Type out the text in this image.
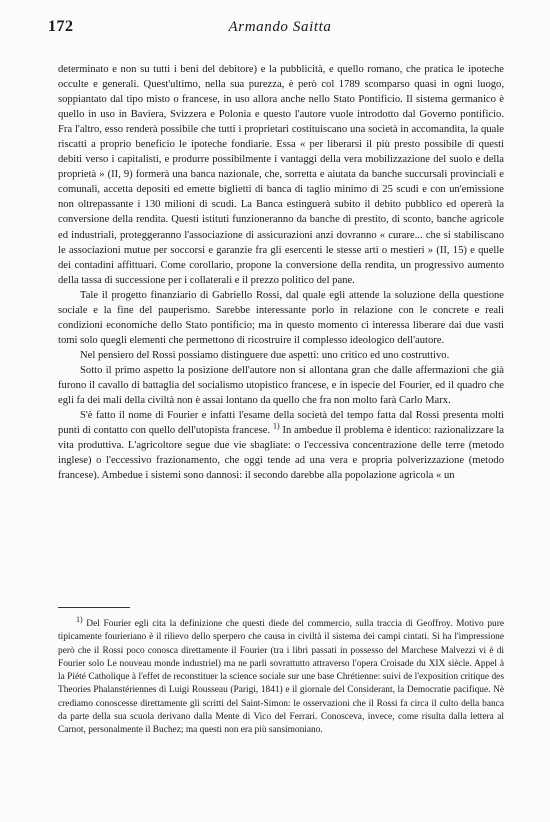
172	Armando Saitta

determinato e non su tutti i beni del debitore) e la pubblicità, e quello romano, che pratica le ipoteche occulte e generali. Quest'ultimo, nella sua purezza, è però col 1789 scomparso quasi in ogni luogo, soppiantato dal tipo misto o francese, in uso allora anche nello Stato Pontificio. Il sistema germanico è quello in uso in Baviera, Svizzera e Polonia e questo l'autore vuole introdotto dal Governo pontificio. Fra l'altro, esso renderà possibile che tutti i proprietari costituiscano una società in accomandita, la quale riscatti a proprio beneficio le ipoteche fondiarie. Essa « per liberarsi il più presto possibile di questi debiti verso i capitalisti, e produrre possibilmente i vantaggi della vera mobilizzazione del suolo e della proprietà » (II, 9) formerà una banca nazionale, che, sorretta e aiutata da banche succursali provinciali e comunali, accetta depositi ed emette biglietti di banca di taglio minimo di 25 scudi e con un'emissione non oltrepassante i 130 milioni di scudi. La Banca estinguerà subito il debito pubblico ed opererà la conversione della rendita. Questi istituti funzioneranno da banche di prestito, di sconto, banche agricole ed industriali, proteggeranno l'associazione di assicurazioni anzi dovranno « curare... che si stabiliscano le associazioni mutue per soccorsi e garanzie fra gli esercenti le stesse arti o mestieri » (II, 15) e quelle dei contadini affittuari. Come corollario, propone la conversione della rendita, un progressivo aumento della tassa di successione per i collaterali e il prezzo politico del pane.

Tale il progetto finanziario di Gabriello Rossi, dal quale egli attende la soluzione della questione sociale e la fine del pauperismo. Sarebbe interessante porlo in relazione con le concrete e reali condizioni economiche dello Stato pontificio; ma in questo momento ci interessa liberare dai due vasti tomi solo quegli elementi che permettono di ricostruire il complesso ideologico dell'autore.

Nel pensiero del Rossi possiamo distinguere due aspetti: uno critico ed uno costruttivo.

Sotto il primo aspetto la posizione dell'autore non si allontana gran che dalle affermazioni che già furono il cavallo di battaglia del socialismo utopistico francese, e in ispecie del Fourier, ed il quadro che egli fa dei mali della civiltà non è assai lontano da quello che fra non molto farà Carlo Marx.

S'è fatto il nome di Fourier e infatti l'esame della società del tempo fatta dal Rossi presenta molti punti di contatto con quello dell'utopista francese. $^{1)}$ In ambedue il problema è identico: razionalizzare la vita produttiva. L'agricoltore segue due vie sbagliate: o l'eccessiva concentrazione delle terre (metodo inglese) o l'eccessivo frazionamento, che oggi tende ad una vera e propria polverizzazione (metodo francese). Ambedue i sistemi sono dannosi: il secondo darebbe alla popolazione agricola « un

1) Del Fourier egli cita la definizione che questi diede del commercio, sulla traccia di Geoffroy. Motivo pure tipicamente fourieriano è il rilievo dello sperpero che causa in civiltà il sistema dei campi cintati. Si ha l'impressione però che il Rossi poco conosca direttamente il Fourier (tra i libri passati in possesso del Marchese Malvezzi vi è di Fourier solo Le nouveau monde industriel) ma ne parli sovrattutto attraverso l'opera Croisade du XIX siècle. Appel à la Piété Catholique à l'effet de reconstituer la science sociale sur une base Chrétienne: suivi de l'exposition critique des Theories Phalanstériennes di Luigi Rousseau (Parigi, 1841) e il giornale del Considerant, la Democratie pacifique. Nè crediamo conoscesse direttamente gli scritti del Saint-Simon: le osservazioni che il Rossi fa circa il culto della banca da parte della sua scuola derivano dalla Mente di Vico del Ferrari. Conosceva, invece, come risulta dalla lettera al Carnot, personalmente il Buchez; ma questi non era più sansimoniano.
